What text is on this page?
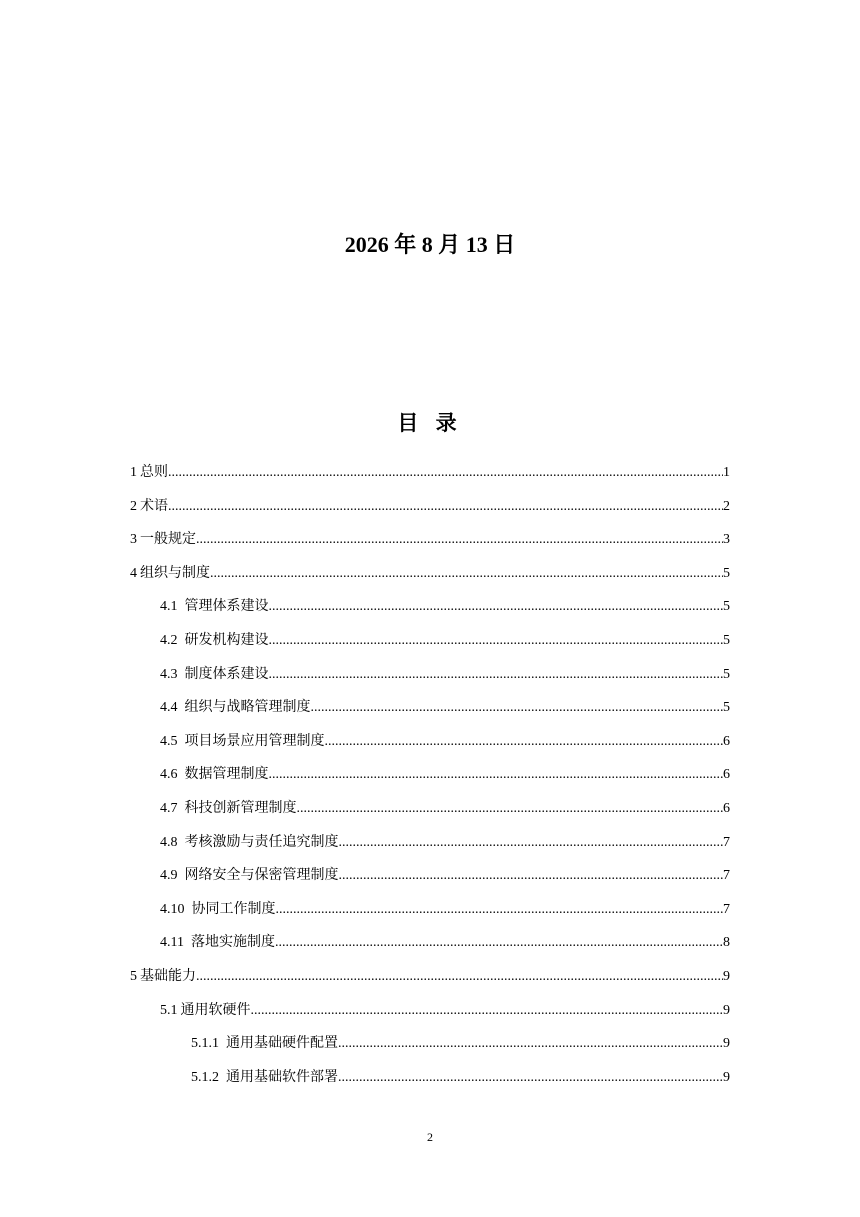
2026 年 8 月 13 日
目 录
1 总则 .....	1
2 术语 .....	2
3 一般规定 .....	3
4 组织与制度 .....	5
4.1 管理体系建设 .....	5
4.2 研发机构建设 .....	5
4.3 制度体系建设 .....	5
4.4 组织与战略管理制度 .....	5
4.5 项目场景应用管理制度 .....	6
4.6 数据管理制度 .....	6
4.7 科技创新管理制度 .....	6
4.8 考核激励与责任追究制度 .....	7
4.9 网络安全与保密管理制度 .....	7
4.10 协同工作制度 .....	7
4.11 落地实施制度 .....	8
5 基础能力 .....	9
5.1 通用软硬件 .....	9
5.1.1 通用基础硬件配置 .....	9
5.1.2 通用基础软件部署 .....	9
2
